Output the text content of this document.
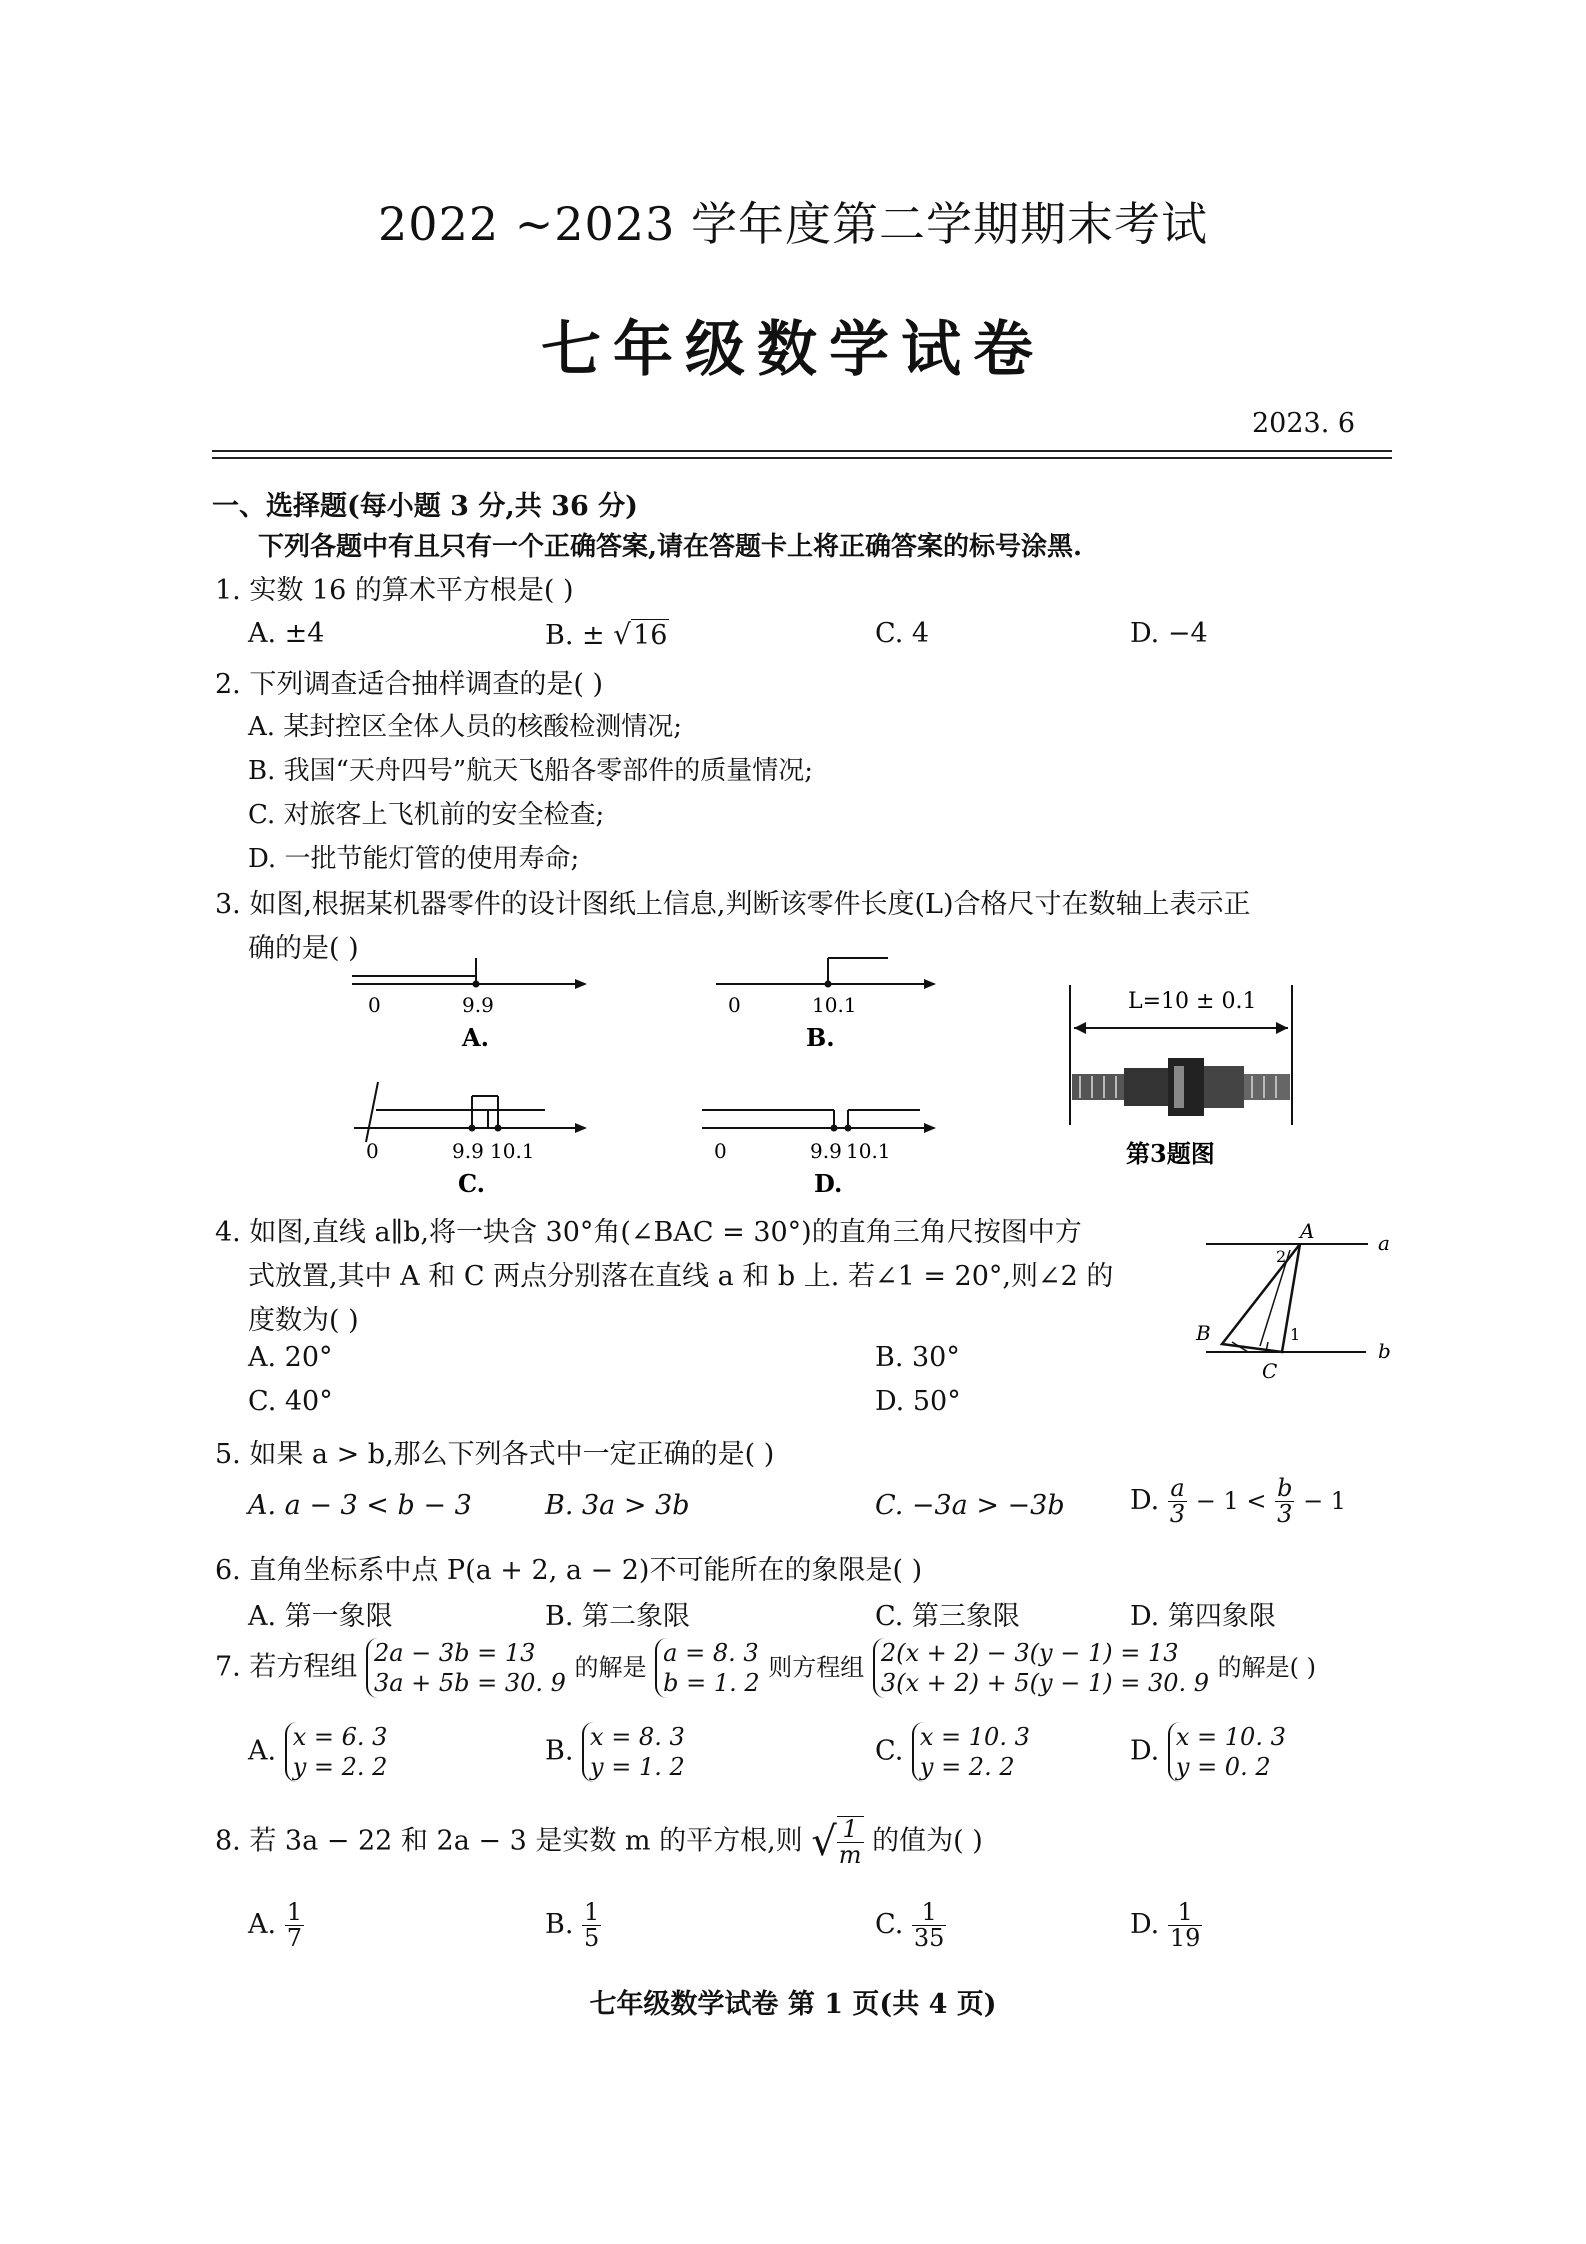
2022 ~2023 学年度第二学期期末考试
七年级数学试卷
2023. 6
一、选择题(每小题 3 分,共 36 分)
下列各题中有且只有一个正确答案,请在答题卡上将正确答案的标号涂黑.
1. 实数 16 的算术平方根是( )
A. ±4	B. ± √16	C. 4	D. −4
2. 下列调查适合抽样调查的是( )
A. 某封控区全体人员的核酸检测情况;
B. 我国“天舟四号”航天飞船各零部件的质量情况;
C. 对旅客上飞机前的安全检查;
D. 一批节能灯管的使用寿命;
3. 如图,根据某机器零件的设计图纸上信息,判断该零件长度(L)合格尺寸在数轴上表示正
确的是( )
0	9.9
A.
0	10.1
B.
0	9.9 10.1
C.
0	9.9 10.1
D.
L=10 ± 0.1
第3题图
A	a
B
C
b
2
1
4. 如图,直线 a∥b,将一块含 30°角(∠BAC = 30°)的直角三角尺按图中方
式放置,其中 A 和 C 两点分别落在直线 a 和 b 上. 若∠1 = 20°,则∠2 的
度数为( )
A. 20°	B. 30°
C. 40°	D. 50°
5. 如果 a > b,那么下列各式中一定正确的是( )
A. a − 3 < b − 3	B. 3a > 3b	C. −3a > −3b D. $\frac{a}{3} - 1 < \frac{b}{3} - 1$
6. 直角坐标系中点 P(a + 2, a − 2)不可能所在的象限是( )
A. 第一象限	B. 第二象限	C. 第三象限	D. 第四象限
7. 若方程组 2a − 3b = 13
3a + 5b = 30. 9 的解是 a = 8. 3
b = 1. 2 则方程组 2(x + 2) − 3(y − 1) = 13
3(x + 2) + 5(y − 1) = 30. 9 的解是( )
A. x = 6. 3
y = 2. 2
B. x = 8. 3
y = 1. 2
C. x = 10. 3
y = 2. 2
D. x = 10. 3
y = 0. 2
8. 若 3a − 22 和 2a − 3 是实数 m 的平方根,则 √ $\frac{1}{m}$ 的值为( )
A. $\frac{1}{7}$	B. $\frac{1}{5}$	C. $\frac{1}{35}$	D. $\frac{1}{19}$
七年级数学试卷 第 1 页(共 4 页)
